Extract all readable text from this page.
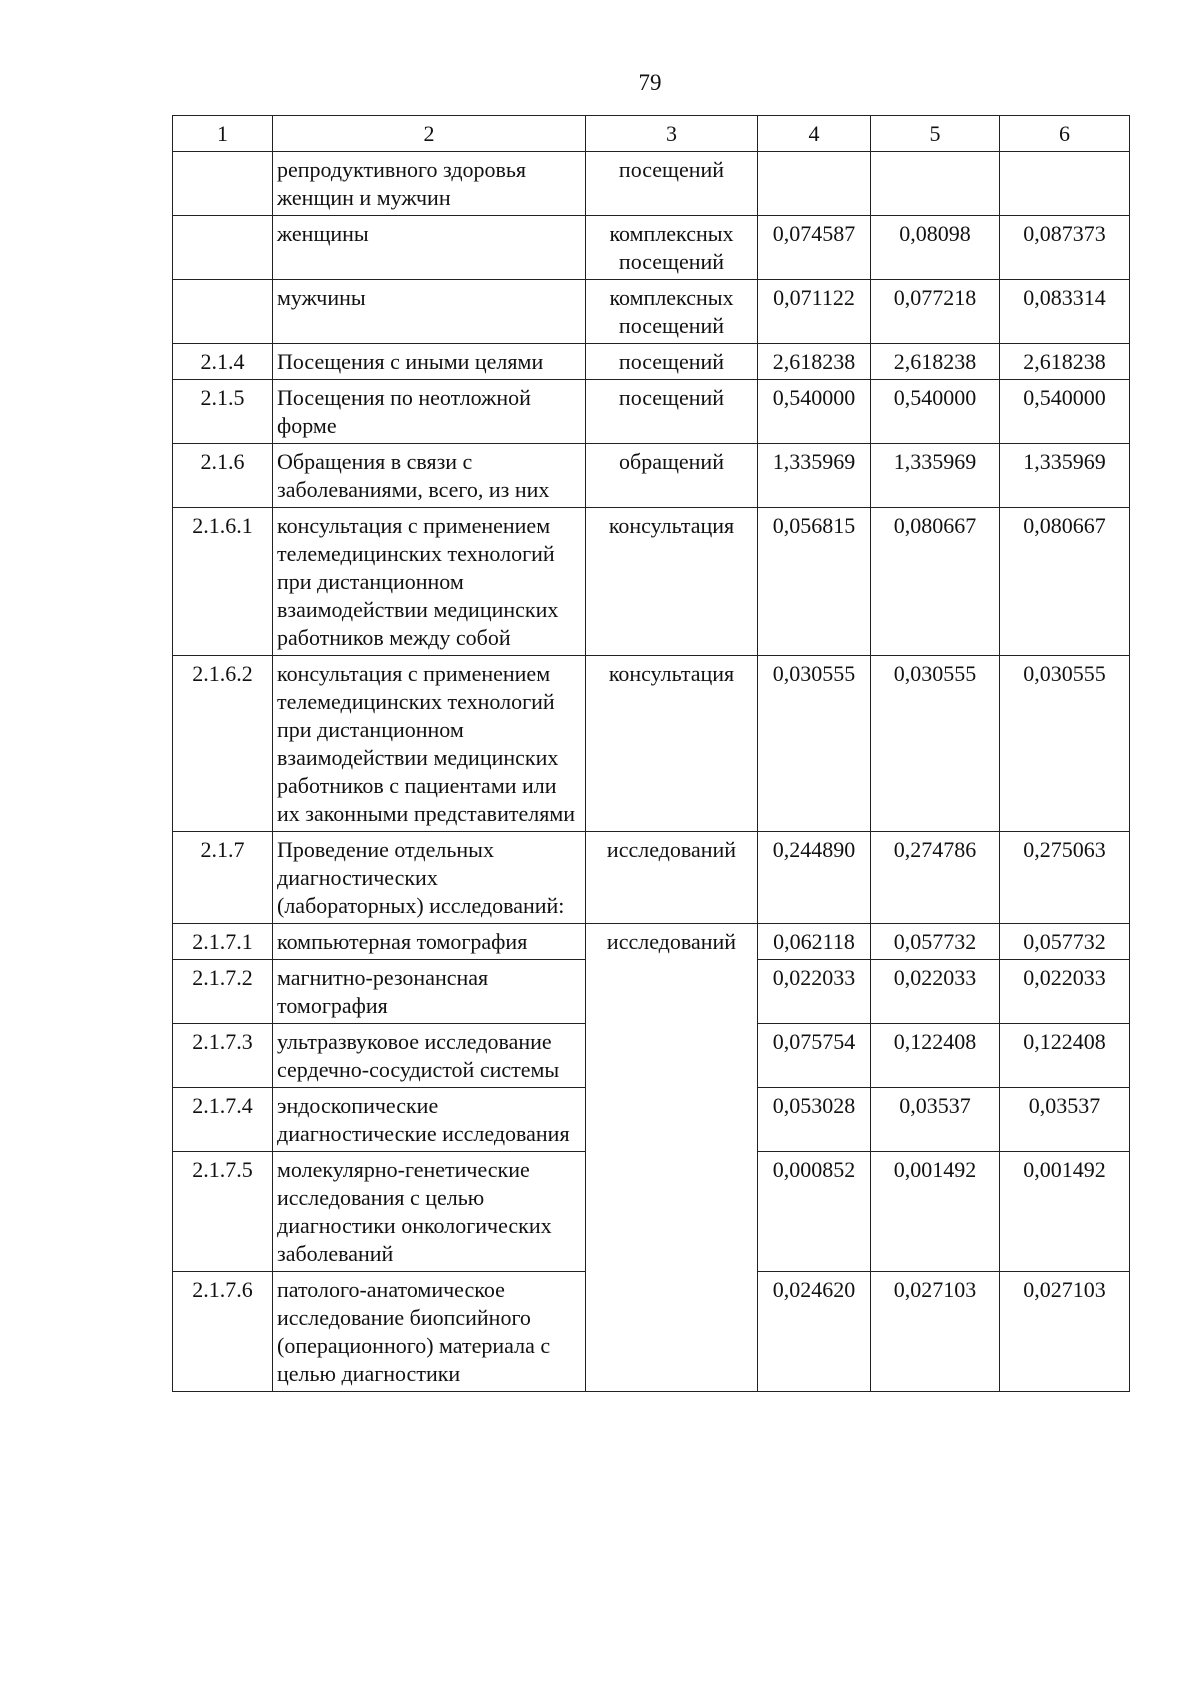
79
1	2	3	4	5	6
	репродуктивного здоровья женщин и мужчин	посещений			
	женщины	комплексных посещений	0,074587	0,08098	0,087373
	мужчины	комплексных посещений	0,071122	0,077218	0,083314
2.1.4	Посещения с иными целями	посещений	2,618238	2,618238	2,618238
2.1.5	Посещения по неотложной форме	посещений	0,540000	0,540000	0,540000
2.1.6	Обращения в связи с заболеваниями, всего, из них	обращений	1,335969	1,335969	1,335969
2.1.6.1	консультация с применением телемедицинских технологий при дистанционном взаимодействии медицинских работников между собой	консультация	0,056815	0,080667	0,080667
2.1.6.2	консультация с применением телемедицинских технологий при дистанционном взаимодействии медицинских работников с пациентами или их законными представителями	консультация	0,030555	0,030555	0,030555
2.1.7	Проведение отдельных диагностических (лабораторных) исследований:	исследований	0,244890	0,274786	0,275063
2.1.7.1	компьютерная томография	исследований	0,062118	0,057732	0,057732
2.1.7.2	магнитно-резонансная томография		0,022033	0,022033	0,022033
2.1.7.3	ультразвуковое исследование сердечно-сосудистой системы		0,075754	0,122408	0,122408
2.1.7.4	эндоскопические диагностические исследования		0,053028	0,03537	0,03537
2.1.7.5	молекулярно-генетические исследования с целью диагностики онкологических заболеваний		0,000852	0,001492	0,001492
2.1.7.6	патолого-анатомическое исследование биопсийного (операционного) материала с целью диагностики		0,024620	0,027103	0,027103
